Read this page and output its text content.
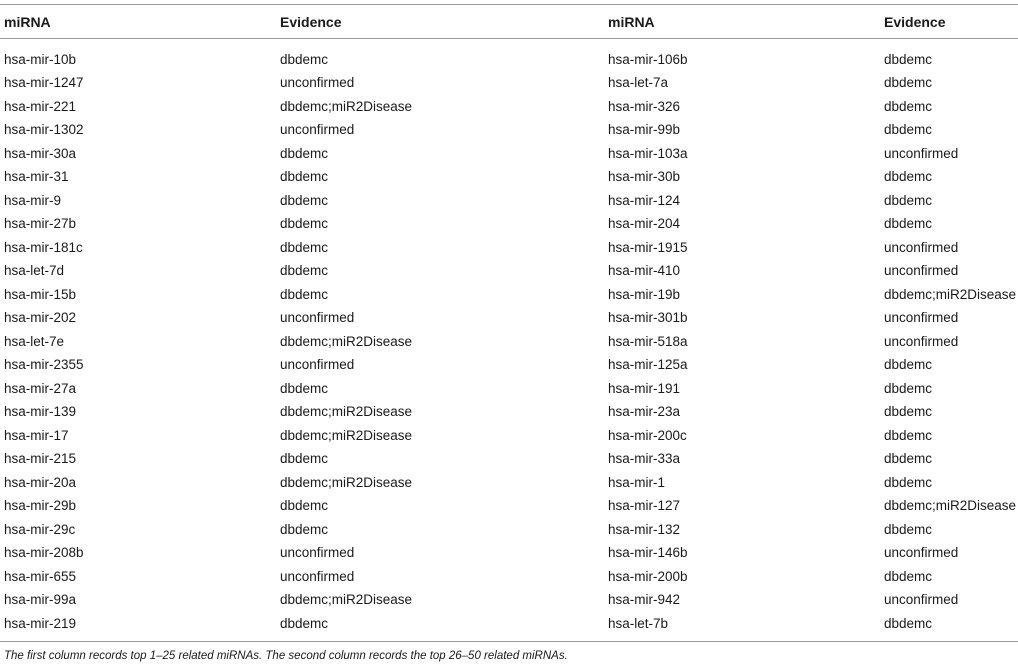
miRNA	Evidence	miRNA	Evidence
hsa-mir-10b	dbdemc	hsa-mir-106b	dbdemc
hsa-mir-1247	unconfirmed	hsa-let-7a	dbdemc
hsa-mir-221	dbdemc;miR2Disease	hsa-mir-326	dbdemc
hsa-mir-1302	unconfirmed	hsa-mir-99b	dbdemc
hsa-mir-30a	dbdemc	hsa-mir-103a	unconfirmed
hsa-mir-31	dbdemc	hsa-mir-30b	dbdemc
hsa-mir-9	dbdemc	hsa-mir-124	dbdemc
hsa-mir-27b	dbdemc	hsa-mir-204	dbdemc
hsa-mir-181c	dbdemc	hsa-mir-1915	unconfirmed
hsa-let-7d	dbdemc	hsa-mir-410	unconfirmed
hsa-mir-15b	dbdemc	hsa-mir-19b	dbdemc;miR2Disease
hsa-mir-202	unconfirmed	hsa-mir-301b	unconfirmed
hsa-let-7e	dbdemc;miR2Disease	hsa-mir-518a	unconfirmed
hsa-mir-2355	unconfirmed	hsa-mir-125a	dbdemc
hsa-mir-27a	dbdemc	hsa-mir-191	dbdemc
hsa-mir-139	dbdemc;miR2Disease	hsa-mir-23a	dbdemc
hsa-mir-17	dbdemc;miR2Disease	hsa-mir-200c	dbdemc
hsa-mir-215	dbdemc	hsa-mir-33a	dbdemc
hsa-mir-20a	dbdemc;miR2Disease	hsa-mir-1	dbdemc
hsa-mir-29b	dbdemc	hsa-mir-127	dbdemc;miR2Disease
hsa-mir-29c	dbdemc	hsa-mir-132	dbdemc
hsa-mir-208b	unconfirmed	hsa-mir-146b	unconfirmed
hsa-mir-655	unconfirmed	hsa-mir-200b	dbdemc
hsa-mir-99a	dbdemc;miR2Disease	hsa-mir-942	unconfirmed
hsa-mir-219	dbdemc	hsa-let-7b	dbdemc
The first column records top 1–25 related miRNAs. The second column records the top 26–50 related miRNAs.
